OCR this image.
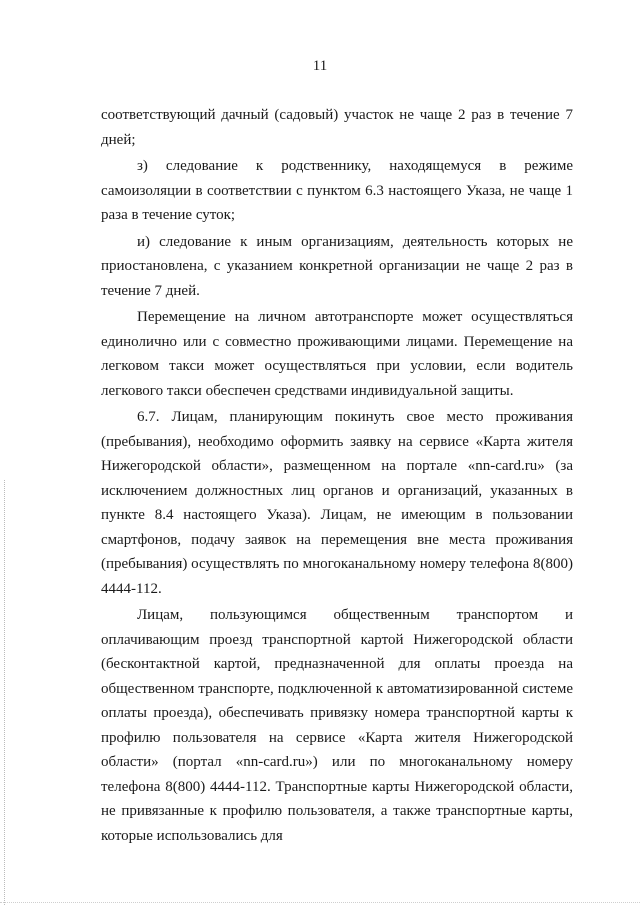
11

соответствующий дачный (садовый) участок не чаще 2 раз в течение 7 дней;

з) следование к родственнику, находящемуся в режиме самоизоляции в соответствии с пунктом 6.3 настоящего Указа, не чаще 1 раза в течение суток;

и) следование к иным организациям, деятельность которых не приостановлена, с указанием конкретной организации не чаще 2 раз в течение 7 дней.

Перемещение на личном автотранспорте может осуществляться единолично или с совместно проживающими лицами. Перемещение на легковом такси может осуществляться при условии, если водитель легкового такси обеспечен средствами индивидуальной защиты.

6.7. Лицам, планирующим покинуть свое место проживания (пребывания), необходимо оформить заявку на сервисе «Карта жителя Нижегородской области», размещенном на портале «nn-card.ru» (за исключением должностных лиц органов и организаций, указанных в пункте 8.4 настоящего Указа). Лицам, не имеющим в пользовании смартфонов, подачу заявок на перемещения вне места проживания (пребывания) осуществлять по многоканальному номеру телефона 8(800) 4444-112.

Лицам, пользующимся общественным транспортом и оплачивающим проезд транспортной картой Нижегородской области (бесконтактной картой, предназначенной для оплаты проезда на общественном транспорте, подключенной к автоматизированной системе оплаты проезда), обеспечивать привязку номера транспортной карты к профилю пользователя на сервисе «Карта жителя Нижегородской области» (портал «nn-card.ru») или по многоканальному номеру телефона 8(800) 4444-112. Транспортные карты Нижегородской области, не привязанные к профилю пользователя, а также транспортные карты, которые использовались для
